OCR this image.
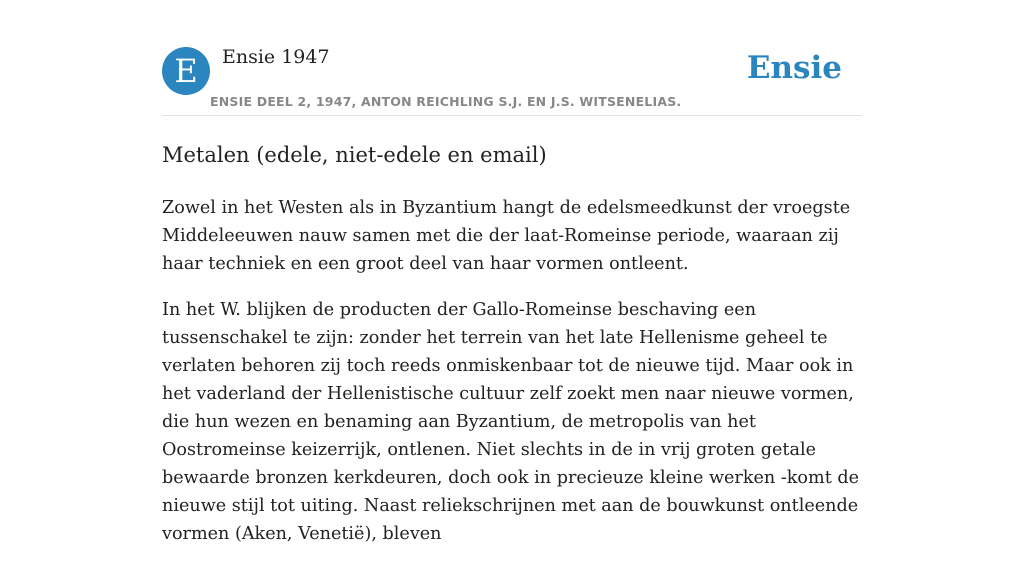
E	Ensie 1947
ENSIE DEEL 2, 1947, ANTON REICHLING S.J. EN J.S. WITSENELIAS.
Ensie
Metalen (edele, niet-edele en email)

Zowel in het Westen als in Byzantium hangt de edelsmeedkunst der vroegste Middeleeuwen nauw samen met die der laat-Romeinse periode, waaraan zij haar techniek en een groot deel van haar vormen ontleent.

In het W. blijken de producten der Gallo-Romeinse beschaving een tussenschakel te zijn: zonder het terrein van het late Hellenisme geheel te verlaten behoren zij toch reeds onmiskenbaar tot de nieuwe tijd. Maar ook in het vaderland der Hellenistische cultuur zelf zoekt men naar nieuwe vormen, die hun wezen en benaming aan Byzantium, de metropolis van het Oostromeinse keizerrijk, ontlenen. Niet slechts in de in vrij groten getale bewaarde bronzen kerkdeuren, doch ook in precieuze kleine werken -komt de nieuwe stijl tot uiting. Naast reliekschrijnen met aan de bouwkunst ontleende vormen (Aken, Venetië), bleven
